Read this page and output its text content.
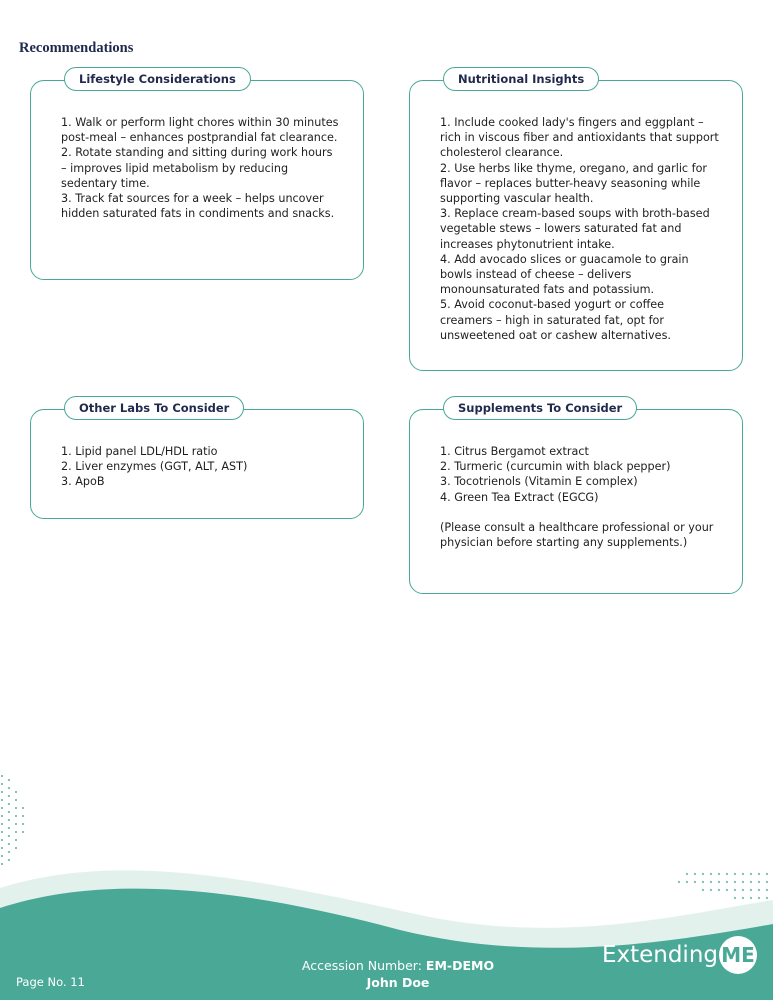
Recommendations
Lifestyle Considerations

1. Walk or perform light chores within 30 minutes post-meal – enhances postprandial fat clearance.

2. Rotate standing and sitting during work hours – improves lipid metabolism by reducing sedentary time.

3. Track fat sources for a week – helps uncover hidden saturated fats in condiments and snacks.

Nutritional Insights

1. Include cooked lady's fingers and eggplant – rich in viscous fiber and antioxidants that support cholesterol clearance.

2. Use herbs like thyme, oregano, and garlic for flavor – replaces butter-heavy seasoning while supporting vascular health.

3. Replace cream-based soups with broth-based vegetable stews – lowers saturated fat and increases phytonutrient intake.

4. Add avocado slices or guacamole to grain bowls instead of cheese – delivers monounsaturated fats and potassium.

5. Avoid coconut-based yogurt or coffee creamers – high in saturated fat, opt for unsweetened oat or cashew alternatives.

Other Labs To Consider

1. Lipid panel LDL/HDL ratio

2. Liver enzymes (GGT, ALT, AST)

3. ApoB

Supplements To Consider

1. Citrus Bergamot extract

2. Turmeric (curcumin with black pepper)

3. Tocotrienols (Vitamin E complex)

4. Green Tea Extract (EGCG)

(Please consult a healthcare professional or your physician before starting any supplements.)

Page No. 11
Accession Number: EM-DEMO
John Doe
Extending ME
